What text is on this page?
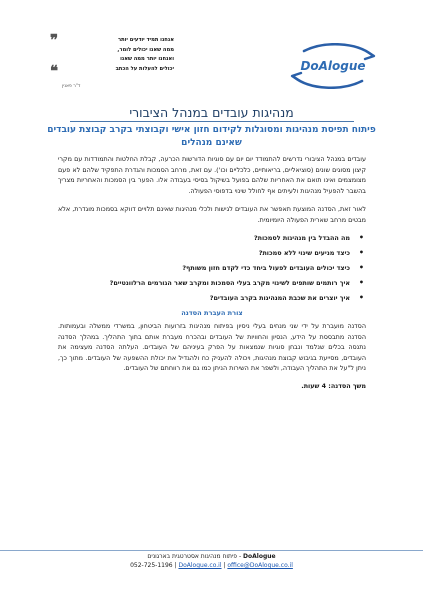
❞	אנחנו תמיד יודעים יותר
ממה שאנו יכולים לומר,
ואנחנו יותר ממה שאנו
יכולים להעלות על הכתב
❝
ד"ר פאנין
DoAlogue
מנהיגות עובדים במנהל הציבורי
פיתוח תפיסת מנהיגות ומסוגלות לקידום חזון אישי וקבוצתי בקרב קבוצת עובדים שאינם מנהלים

עובדים במנהל הציבורי נדרשים להתמודד יום יום עם סוגיות הדורשות הכרעה, קבלת החלטות והתמודדות עם מקרי קיצון מסוגים שונים (סוציאליים, בריאותיים, כלכליים וכו'). עם זאת, מרחב הסמכות והגדרת התפקיד שלהם לא פעם מצומצמים ואינו תואם את האחריות שלהם בפועל בשיקול בסיסי בעבודה אלו. הפער בין הסמכות והאחריות מצריך בהשבר להפעיל מנהיגות ולעיתים אף לחולל שינוי בדפוסי הפעולה.

לאור זאת, הסדנה המוצעת תאפשר את העובדים לגישות ולכלי מנהיגות שאינם תלויים דווקא בסמכות מוגדרת, אלא מבטים מרחב שארית הפעולה היומיומית.

• מה ההבדל בין מנהיגות לסמכות?
• כיצד מניעים שינוי ללא סמכות?
• כיצד יכולים העובדים לפעול ביחד כדי לקדם חזון משותף?
• איך רותמים שותפים לשינוי מקרב בעלי הסמכות ומקרב שאר הגורמים הרלוונטיים?
• איך יוצרים את שכבת המנהיגות בקרב העובדים?
צורת העברת הסדנה

הסדנה מועברת על ידי שני מנחים בעלי ניסיון בפיתוח מנהיגות בזרועות הביטחון, במשרדי ממשלה ובעמותות. הסדנה מתבססת על הידע, הנסיון והחוויות של העובדים ובהכרח מעברת אותם בתוך התהליך. במהלך הסדנה נתנסה בכלים שנלמד ונבחן סוגיות שנמצאות על הפרק בעיניהם של העובדים. העלתה הסדנה מעצימה את העובדים, מסייעת בגיבוש קבוצת מנהיגות, ויכולה להעניק כח ולהגדיל את יכולת ההשפעה של העובדים. מתוך כך, ניתן ל"על את התהליך העבודה, ולשפר את השירות הניתן כמו גם את רווחתם של העובדים.

משך הסדנה: 4 שעות.
DoAlogue - פיתוח מנהיגות אסטרטגית בארגונים
052-725-1196 | DoAlogue.co.il | office@DoAlogue.co.il
